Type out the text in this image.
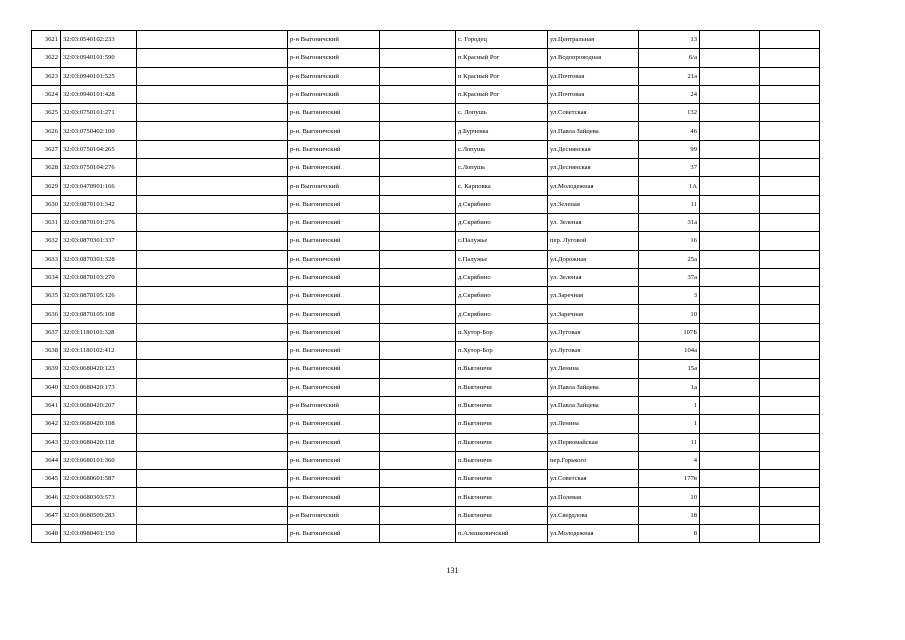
3621	32:03:0540102:233		р-н Выгоничский		с. Городец	ул.Центральная	13		
3622	32:03:0940101:590		р-н Выгоничский		п.Красный Рог	ул.Водопроводная	6/а		
3623	32:03:0940101:525		р-н Выгоничский		п Красный Рог	ул.Почтовая	21а		
3624	32:03:0940101:428		р-н Выгоничский		п.Красный Рог	ул.Почтовая	24		
3625	32:03:0750101:271		р-н. Выгоничский		с. Лопушь	ул.Советская	132		
3626	32:03:0750402:100		р-н. Выгоничский		д.Бурчевка	ул.Павла Зайцева	46		
3627	32:03:0750104:265		р-н. Выгоничский		с.Лопушь	ул.Деснянская	99		
3628	32:03:0750104:276		р-н. Выгоничский		с.Лопушь	ул.Деснянская	37		
3629	32:03:0470901:166		р-н Выгоничский		с. Карповка	ул.Молодежная	1А		
3630	32:03:0870101:342		р-н. Выгоничский		д.Скрябино	ул.Зеленая	11		
3631	32:03:0870101:276		р-н. Выгоничский		д.Скрябино	ул. Зеленая	31а		
3632	32:03:0870301:337		р-н. Выгоничский		с.Палужье	пер. Луговой	16		
3633	32:03:0870301:328		р-н. Выгоничский		с.Палужье	ул.Дорожная	25а		
3634	32:03:0870103:270		р-н. Выгоничский		д.Скрябино	ул. Зеленая	37а		
3635	32:03:0870105:126		р-н. Выгоничский		д.Скрябино	ул.Заречная	3		
3636	32:03:0870105:108		р-н. Выгоничский		д.Скрябино	ул.Заречная	10		
3637	32:03:1180101:328		р-н. Выгоничский		п.Хутор-Бор	ул.Луговая	107Б		
3638	32:03:1180102:412		р-н. Выгоничский		п.Хутор-Бор	ул.Луговая	104а		
3639	32:03:0680420:123		р-н. Выгоничский		п.Выгоничи	ул.Ленина	15а		
3640	32:03:0680420:173		р-н. Выгоничский		п.Выгоничи	ул.Павла Зайцева	1а		
3641	32:03:0680420:207		р-н Выгоничский		п.Выгоничи	ул.Павла Зайцева	1		
3642	32:03:0680420:108		р-н. Выгоничский		п.Выгоничи	ул.Ленина	1		
3643	32:03:0680420:118		р-н. Выгоничский		п.Выгоничи	ул.Первомайская	11		
3644	32:03:0680101:360		р-н. Выгоничский		п.Выгоничи	пер.Горького	4		
3645	32:03:0680601:587		р-н. Выгоничский		п.Выгоничи	ул.Советская	177в		
3646	32:03:0680303:573		р-н. Выгоничский		п.Выгоничи	ул.Полевая	10		
3647	32:03:0680509:283		р-н Выгоничский		п.Выгоничи	ул.Свердлова	18		
3648	32:03:0980401:150		р-н. Выгоничский		п.Алешковичский	ул.Молодежная	8		
131
